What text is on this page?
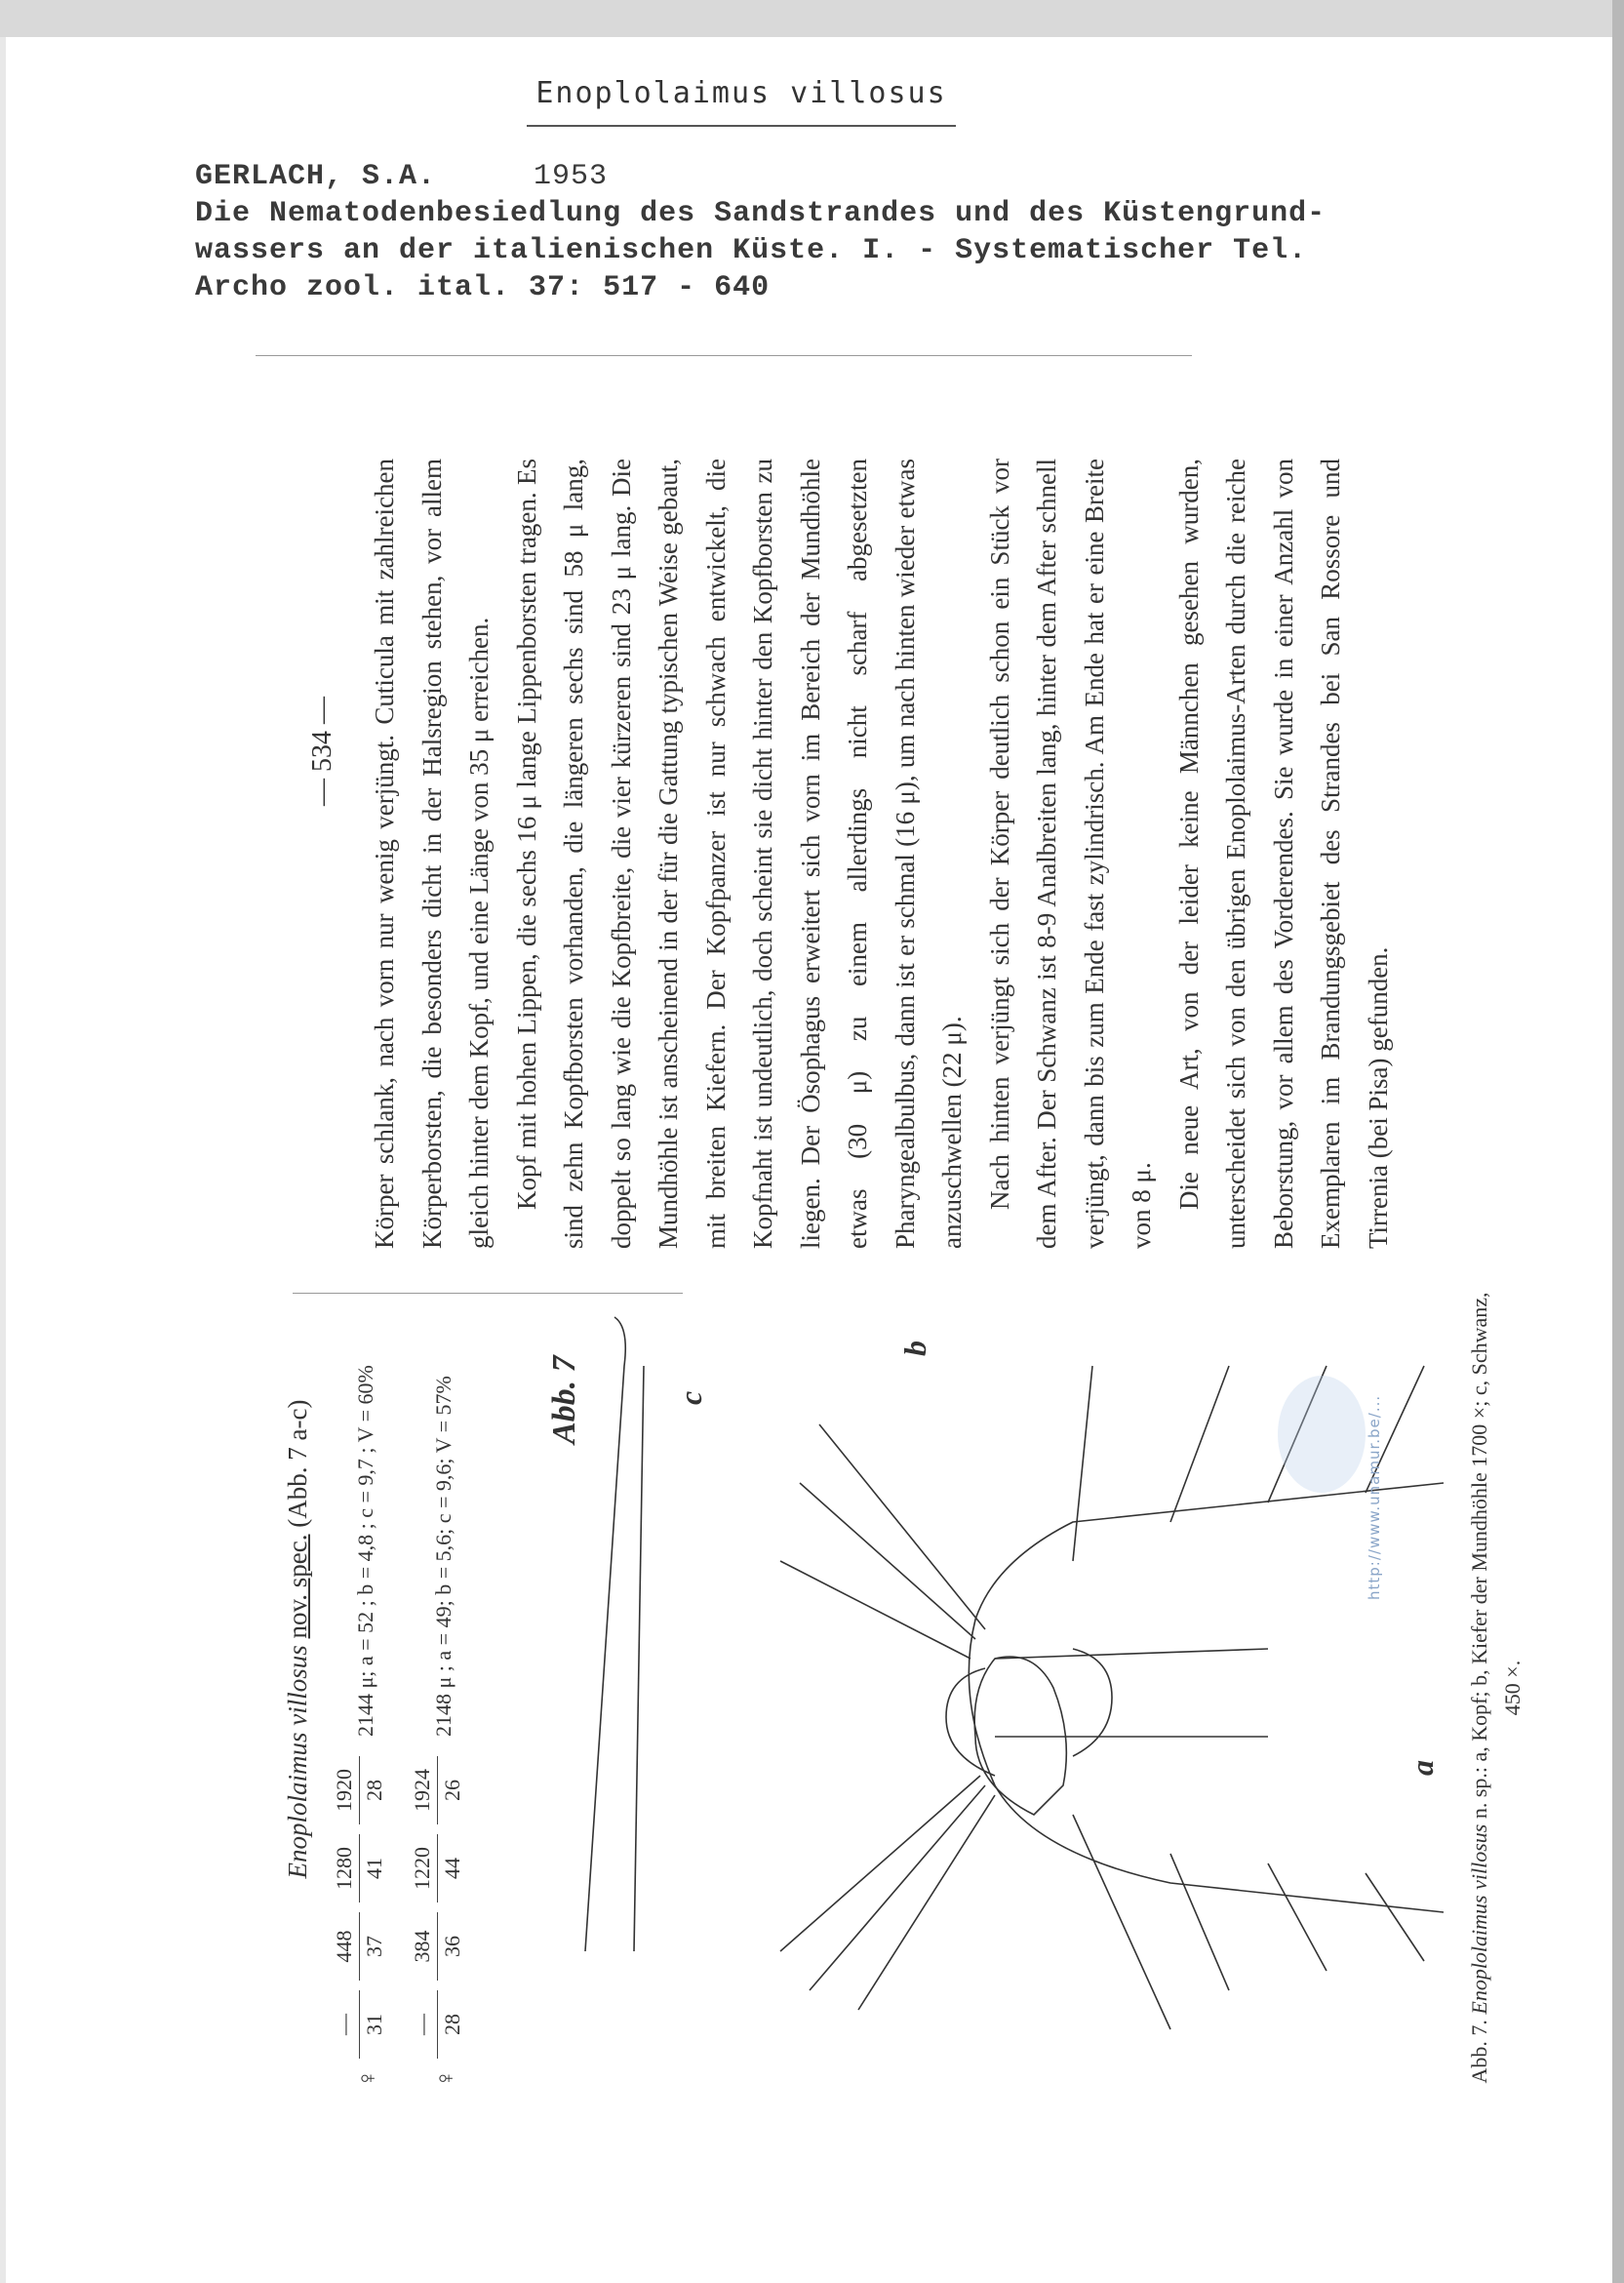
Enoplolaimus villosus
GERLACH, S.A.	1953
Die Nematodenbesiedlung des Sandstrandes und des Küstengrund-
wassers an der italienischen Küste. I. - Systematischer Tel.
Archo zool. ital. 37: 517 - 640
— 534 —
Enoplolaimus villosus nov. spec. (Abb. 7 a-c)
♀
— 31
448 37
1280 41
1920 28
2144 μ; a = 52 ; b = 4,8 ; c = 9,7 ; V = 60%
♀
— 28
384 36
1220 44
1924 26
2148 μ ; a = 49; b = 5,6; c = 9,6; V = 57%

Körper schlank, nach vorn nur wenig verjüngt. Cuticula mit zahlreichen Körperborsten, die besonders dicht in der Halsregion stehen, vor allem gleich hinter dem Kopf, und eine Länge von 35 μ erreichen. Kopf mit hohen Lippen, die sechs 16 μ lange Lippenborsten tragen. Es sind zehn Kopfborsten vorhanden, die längeren sechs sind 58 μ lang, doppelt so lang wie die Kopfbreite, die vier kürzeren sind 23 μ lang. Die Mundhöhle ist anscheinend in der für die Gattung typischen Weise gebaut, mit breiten Kiefern. Der Kopfpanzer ist nur schwach entwickelt, die Kopfnaht ist undeutlich, doch scheint sie dicht hinter den Kopfborsten zu liegen. Der Ösophagus erweitert sich vorn im Bereich der Mundhöhle etwas (30 μ) zu einem allerdings nicht scharf abgesetzten Pharyngealbulbus, dann ist er schmal (16 μ), um nach hinten wieder etwas anzuschwellen (22 μ). Nach hinten verjüngt sich der Körper deutlich schon ein Stück vor dem After. Der Schwanz ist 8-9 Analbreiten lang, hinter dem After schnell verjüngt, dann bis zum Ende fast zylindrisch. Am Ende hat er eine Breite von 8 μ. Die neue Art, von der leider keine Männchen gesehen wurden, unterscheidet sich von den übrigen Enoplolaimus-Arten durch die reiche Beborstung, vor allem des Vorderendes. Sie wurde in einer Anzahl von Exemplaren im Brandungsgebiet des Strandes bei San Rossore und Tirrenia (bei Pisa) gefunden.

a
b
c
Abb. 7
Abb. 7. Enoplolaimus villosus n. sp.: a, Kopf; b, Kiefer der Mundhöhle 1700 ×; c, Schwanz, 450 ×.
http://www.unamur.be/...
